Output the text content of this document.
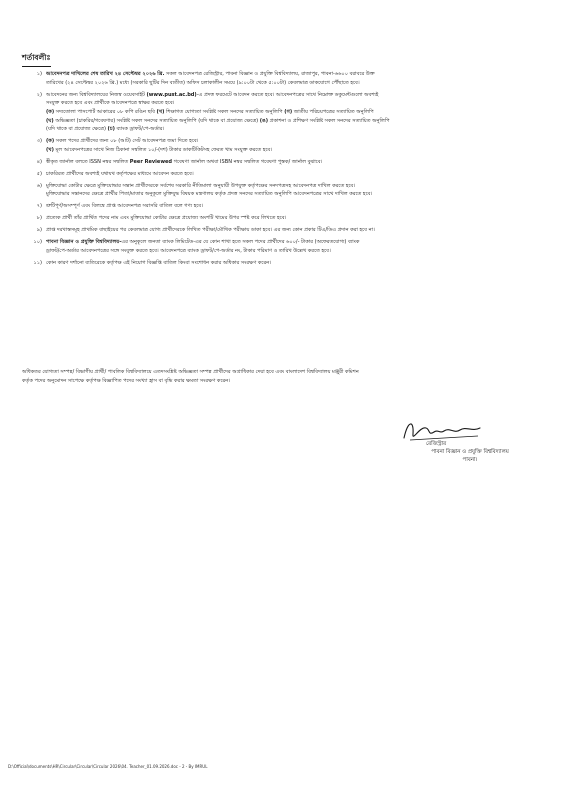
শর্তাবলীঃ
১) আবেদনপত্র দাখিলের শেষ তারিখ ২৪ সেপ্টেম্বর ২০২৬ খ্রি. সকল আবেদনপত্র রেজিস্ট্রার, পাবনা বিজ্ঞান ও প্রযুক্তি বিশ্ববিদ্যালয়, রাজাপুর, পাবনা-৬৬০০ বরাবরে উক্ত
তারিখের (২৪ সেপ্টেম্বর ২০২৬ খ্রি.) মধ্যে (সরকারি ছুটির দিন ব্যতীত) অফিস চলাকালীন সময়ে (৯:০০টা থেকে ৫:০০টা) কেবলমাত্র ডাকযোগে পৌঁছাতে হবে।
২) আবেদনের জন্য বিশ্ববিদ্যালয়ের নিজস্ব ওয়েবসাইট (www.pust.ac.bd)-এ প্রদত্ত ফরমেটে আবেদন করতে হবে। আবেদনপত্রের সাথে নিম্নোক্ত ডকুমেন্টগুলো অবশ্যই
সংযুক্ত করতে হবে এবং প্রার্থীকে আবেদনপত্রে স্বাক্ষর করতে হবে।
(ক) সদ্যতোলা পাসপোর্ট আকারের ০৮ কপি রঙিন ছবি (খ) শিক্ষাগত যোগ্যতা সংশ্লিষ্ট সকল সনদের সত্যায়িত অনুলিপি (গ) জাতীয় পরিচয়পত্রের সত্যায়িত অনুলিপি
(ঘ) অভিজ্ঞতা (চাকরির/গবেষণার) সংশ্লিষ্ট সকল সনদের সত্যায়িত অনুলিপি (যদি থাকে বা প্রযোজ্য ক্ষেত্রে) (ঙ) প্রকাশনা ও প্রশিক্ষণ সংশ্লিষ্ট সকল সনদের সত্যায়িত অনুলিপি
(যদি থাকে বা প্রযোজ্য ক্ষেত্রে) (চ) ব্যাংক ড্রাফট/পে-অর্ডার।
৩) (ক) সকল পদের প্রার্থীদের জন্য ০৮ (আট) সেট আবেদনপত্র জমা দিতে হবে।
(খ) মূল আবেদনপত্রের সাথে নিজ ঠিকানা সম্বলিত ১০/-(দশ) টাকার ডাকটিকিটসহ ফেরত খাম সংযুক্ত করতে হবে।
৪) স্বীকৃত জার্নাল বলতে ISSN নম্বর সম্বলিত Peer Reviewed গবেষণা জার্নাল অথবা ISBN নম্বর সম্বলিত গবেষণা পুস্তক/ জার্নাল বুঝাবে।
৫) চাকরিরত প্রার্থীদের অবশ্যই যথাযথ কর্তৃপক্ষের মাধ্যমে আবেদন করতে হবে।
৬) মুক্তিযোদ্ধা কোটার ক্ষেত্রে মুক্তিযোদ্ধার সন্তান প্রার্থীদেরকে সর্বশেষ সরকারি নীতিমালা অনুযায়ী উপযুক্ত কর্তৃপক্ষের সনদপত্রসহ আবেদনপত্র দাখিল করতে হবে।
মুক্তিযোদ্ধার সন্তানদের ক্ষেত্রে প্রার্থীর পিতা/মাতার অনুকূলে মুক্তিযুদ্ধ বিষয়ক মন্ত্রণালয় কর্তৃক প্রদত্ত সনদের সত্যায়িত অনুলিপি আবেদনপত্রের সাথে দাখিল করতে হবে।
৭) ত্রুটিপূর্ণ/অসম্পূর্ণ এবং বিলম্বে প্রাপ্ত আবেদনপত্র সরাসরি বাতিল বলে গণ্য হবে।
৮) প্রত্যেক প্রার্থী তাঁর প্রার্থিত পদের নাম এবং মুক্তিযোদ্ধা কোটার ক্ষেত্রে প্রযোজ্য অংশটি খামের উপর স্পষ্ট করে লিখতে হবে।
৯) প্রাপ্ত দরখাস্তসমূহ প্রাথমিক বাছাইয়ের পর কেবলমাত্র যোগ্য প্রার্থীদেরকে লিখিত পরীক্ষা/মৌখিক পরীক্ষায় ডাকা হবে। এর জন্য কোন প্রকার টিএ/ডিএ প্রদান করা হবে না।
১০) পাবনা বিজ্ঞান ও প্রযুক্তি বিশ্ববিদ্যালয়-এর অনুকূলে জনতা ব্যাংক লিমিটেড-এর যে কোন শাখা হতে সকল পদের প্রার্থীদের ৬০০/- টাকার (অফেরতযোগ্য) ব্যাংক
ড্রাফট/পে-অর্ডার আবেদনপত্রের সঙ্গে সংযুক্ত করতে হবে। আবেদনপত্রে ব্যাংক ড্রাফট/পে-অর্ডার নং, টাকার পরিমাণ ও তারিখ উল্লেখ করতে হবে।
১১) কোন কারণ দর্শানো ব্যতিরেকে কর্তৃপক্ষ এই নিয়োগ বিজ্ঞপ্তি বাতিল কিংবা সংশোধন করার অধিকার সংরক্ষণ করেন।
অধিকতর যোগ্যতা সম্পন্ন/ বিভাগীয় প্রার্থী/ পাবলিক বিশ্ববিদ্যালয়ে এতদসংশ্লিষ্ট অভিজ্ঞতা সম্পন্ন প্রার্থীদের অগ্রাধিকার দেয়া হবে এবং বাংলাদেশ বিশ্ববিদ্যালয় মঞ্জুরী কমিশন
কর্তৃক পদের অনুমোদন সাপেক্ষে কর্তৃপক্ষ বিজ্ঞাপিত পদের সংখ্যা হ্রাস বা বৃদ্ধি করার ক্ষমতা সংরক্ষণ করেন।
রেজিস্ট্রার
পাবনা বিজ্ঞান ও প্রযুক্তি বিশ্ববিদ্যালয়
পাবনা।
D:\Official\documents\HR\Circular\Circular\Circular 2026\04. Teacher_01.09.2026.doc - 2 - By IMRUL
